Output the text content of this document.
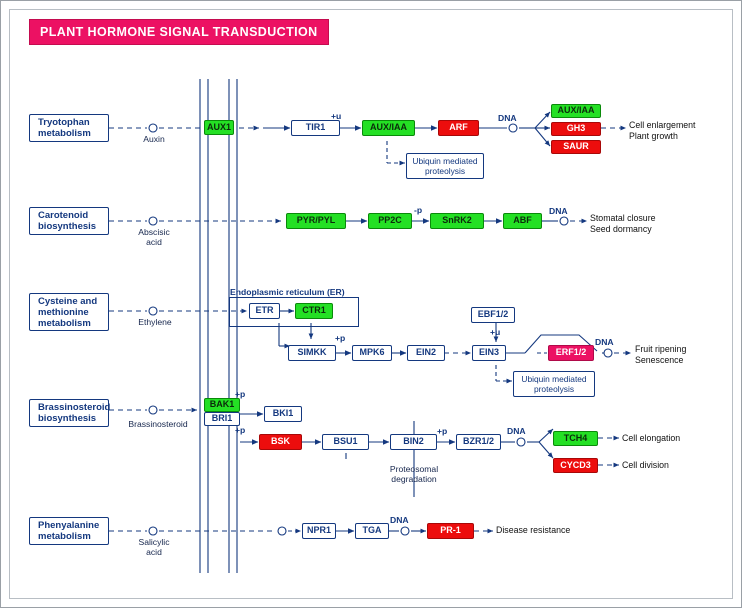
PLANT HORMONE SIGNAL TRANSDUCTION
Tryotophan
metabolism	Auxin
AUX1	TIR1
+u
AUX/IAA	ARF
DNA
AUX/IAA
GH3
SAUR
Cell enlargement
Plant growth
Ubiquin mediated
proteolysis
Carotenoid
biosynthesis	Abscisic
acid
PYR/PYL	PP2C
-p
SnRK2	ABF
DNA
Stomatal closure
Seed dormancy
Cysteine and
methionine
metabolism	Ethylene
Endoplasmic reticulum (ER)
ETR	CTR1
+p
SIMKK	MPK6	EIN2	EIN3
EBF1/2
+u
ERF1/2
DNA
Fruit ripening
Senescence
Ubiquin mediated
proteolysis
Brassinosteroid
biosynthesis	Brassinosteroid
BAK1
BRI1
+p
+p
BKI1
BSK	BSU1	BIN2
+p
BZR1/2
DNA
TCH4
CYCD3
Cell elongation
Cell division
Proteosomal
degradation
Phenyalanine
metabolism	Salicylic
acid
NPR1	TGA
DNA
PR-1	Disease resistance
